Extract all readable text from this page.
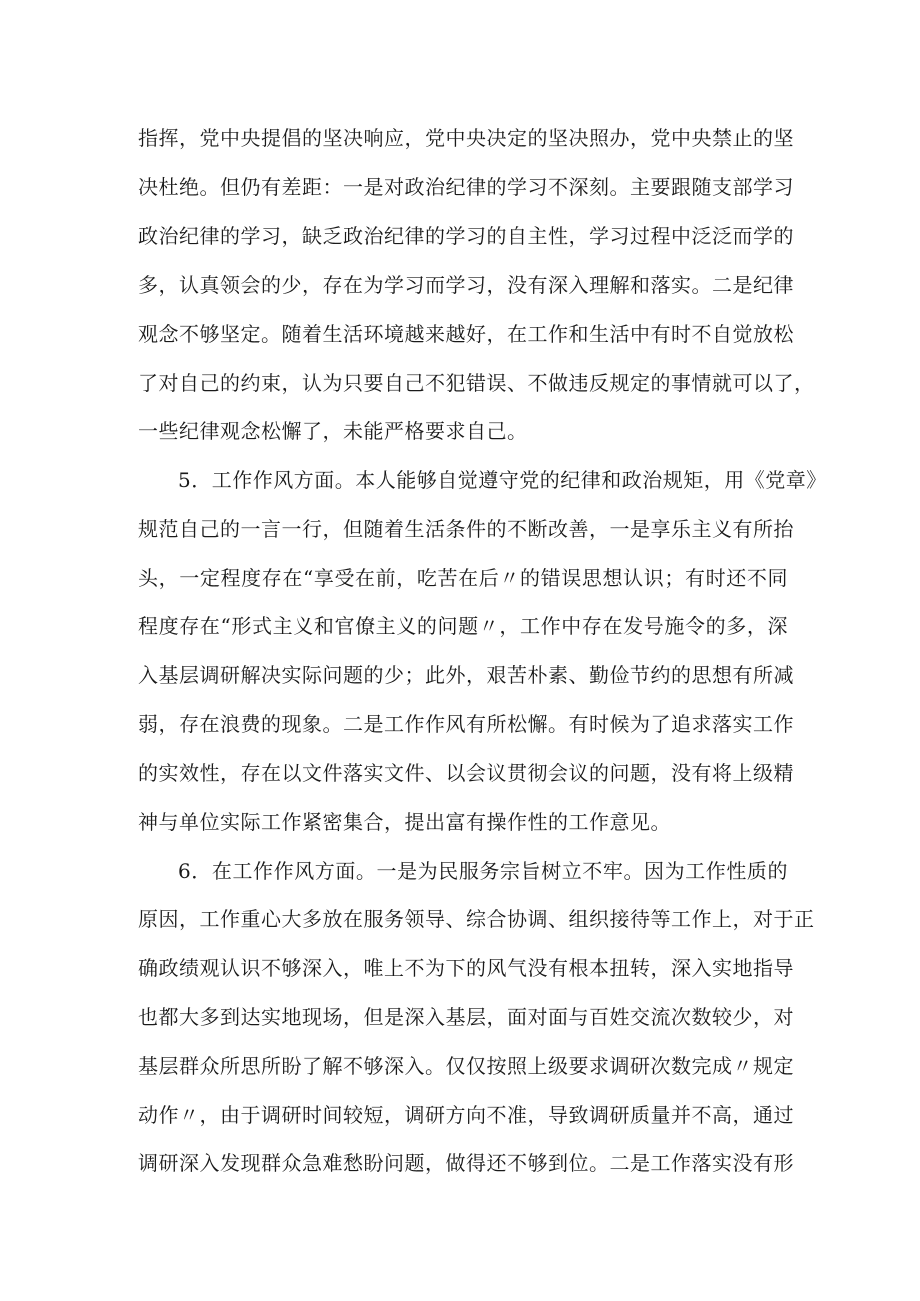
指挥，党中央提倡的坚决响应，党中央决定的坚决照办，党中央禁止的坚
决杜绝。但仍有差距：一是对政治纪律的学习不深刻。主要跟随支部学习
政治纪律的学习，缺乏政治纪律的学习的自主性，学习过程中泛泛而学的
多，认真领会的少，存在为学习而学习，没有深入理解和落实。二是纪律
观念不够坚定。随着生活环境越来越好，在工作和生活中有时不自觉放松
了对自己的约束，认为只要自己不犯错误、不做违反规定的事情就可以了，
一些纪律观念松懈了，未能严格要求自己。
5．工作作风方面。本人能够自觉遵守党的纪律和政治规矩，用《党章》
规范自己的一言一行，但随着生活条件的不断改善，一是享乐主义有所抬
头，一定程度存在“享受在前，吃苦在后〃的错误思想认识；有时还不同
程度存在“形式主义和官僚主义的问题〃，工作中存在发号施令的多，深
入基层调研解决实际问题的少；此外，艰苦朴素、勤俭节约的思想有所减
弱，存在浪费的现象。二是工作作风有所松懈。有时候为了追求落实工作
的实效性，存在以文件落实文件、以会议贯彻会议的问题，没有将上级精
神与单位实际工作紧密集合，提出富有操作性的工作意见。
6．在工作作风方面。一是为民服务宗旨树立不牢。因为工作性质的
原因，工作重心大多放在服务领导、综合协调、组织接待等工作上，对于正
确政绩观认识不够深入，唯上不为下的风气没有根本扭转，深入实地指导
也都大多到达实地现场，但是深入基层，面对面与百姓交流次数较少，对
基层群众所思所盼了解不够深入。仅仅按照上级要求调研次数完成〃规定
动作〃，由于调研时间较短，调研方向不准，导致调研质量并不高，通过
调研深入发现群众急难愁盼问题，做得还不够到位。二是工作落实没有形
